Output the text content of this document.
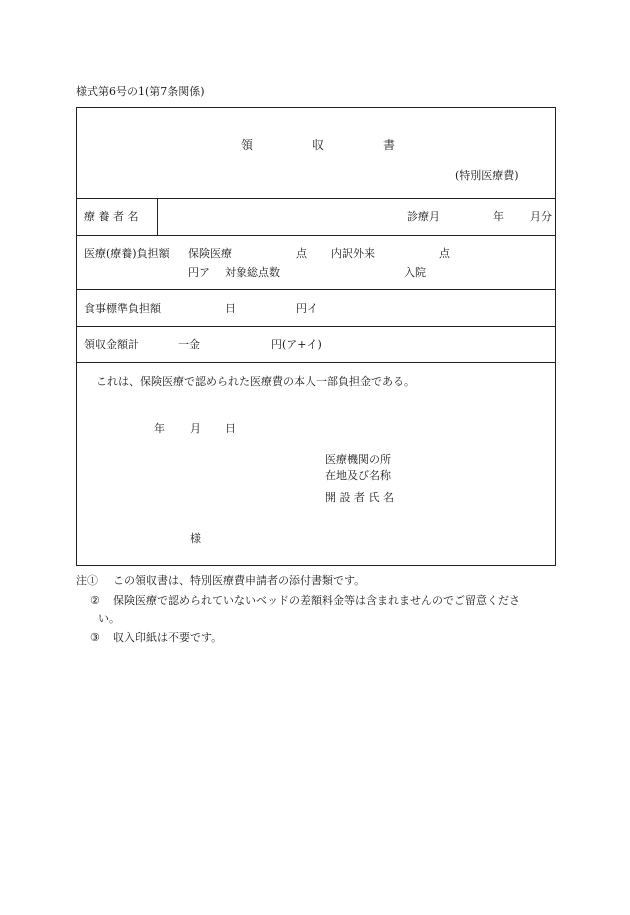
様式第6号の1(第7条関係)
領	収	書
(特別医療費)
療 養 者 名	診療月	年 月分
医療(療養)負担額 保険医療	点 内訳外来	点
円ア 対象総点数	入院
食事標準負担額	日	円イ
領収金額計	一金	円(ア+イ)
これは、保険医療で認められた医療費の本人一部負担金である。
年 月 日
医療機関の所
在地及び名称
開 設 者 氏 名
様
注① この領収書は、特別医療費申請者の添付書類です。
② 保険医療で認められていないベッドの差額料金等は含まれませんのでご留意くださ
い。
③ 収入印紙は不要です。
